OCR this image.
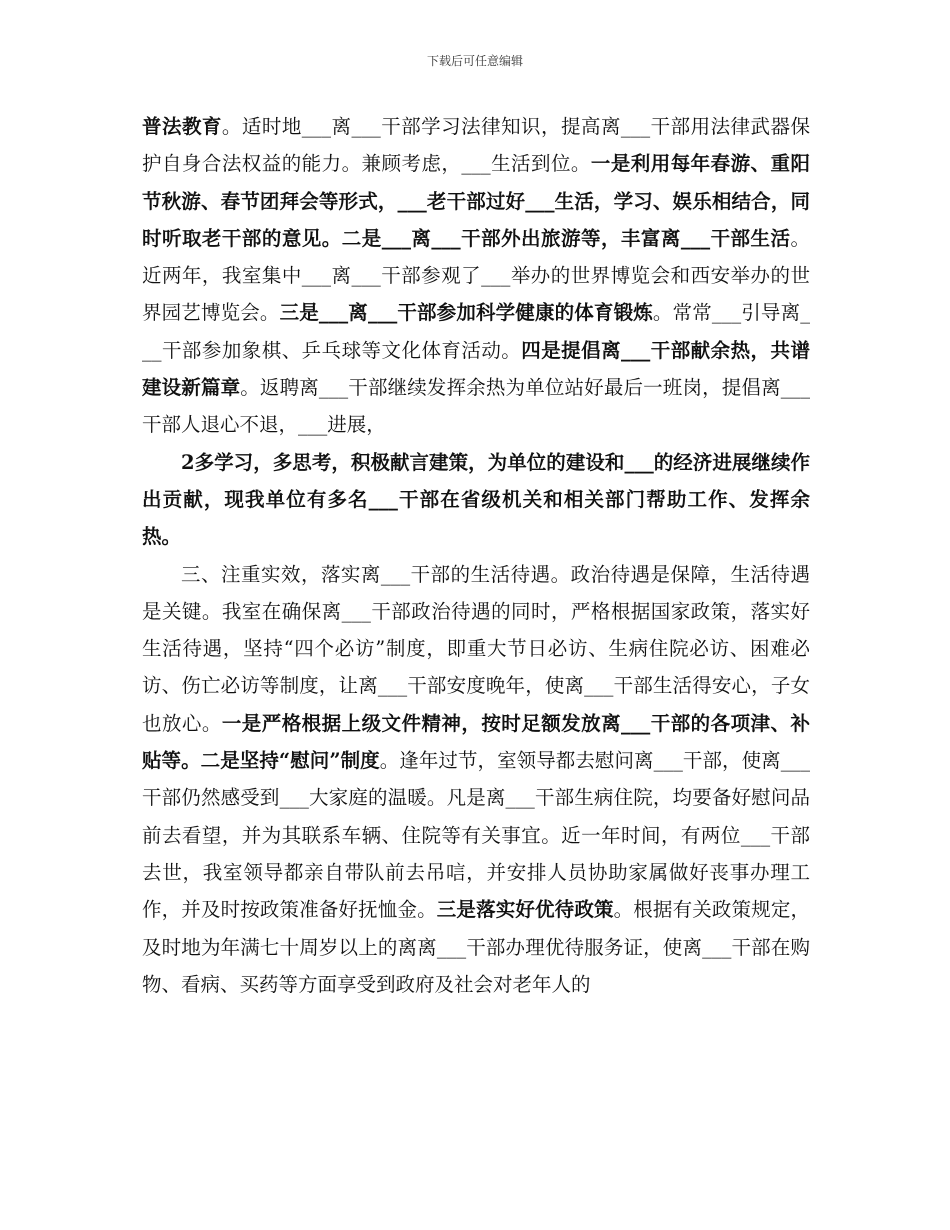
下载后可任意编辑

普法教育。适时地___离___干部学习法律知识，提高离___干部用法律武器保护自身合法权益的能力。兼顾考虑，___生活到位。一是利用每年春游、重阳节秋游、春节团拜会等形式，___老干部过好___生活，学习、娱乐相结合，同时听取老干部的意见。二是___离___干部外出旅游等，丰富离___干部生活。近两年，我室集中___离___干部参观了___举办的世界博览会和西安举办的世界园艺博览会。三是___离___干部参加科学健康的体育锻炼。常常___引导离___干部参加象棋、乒乓球等文化体育活动。四是提倡离___干部献余热，共谱建设新篇章。返聘离___干部继续发挥余热为单位站好最后一班岗，提倡离___干部人退心不退，___进展，

2多学习，多思考，积极献言建策，为单位的建设和___的经济进展继续作出贡献，现我单位有多名___干部在省级机关和相关部门帮助工作、发挥余热。

三、注重实效，落实离___干部的生活待遇。政治待遇是保障，生活待遇是关键。我室在确保离___干部政治待遇的同时，严格根据国家政策，落实好生活待遇，坚持“四个必访”制度，即重大节日必访、生病住院必访、困难必访、伤亡必访等制度，让离___干部安度晚年，使离___干部生活得安心，子女也放心。一是严格根据上级文件精神，按时足额发放离___干部的各项津、补贴等。二是坚持“慰问”制度。逢年过节，室领导都去慰问离___干部，使离___干部仍然感受到___大家庭的温暖。凡是离___干部生病住院，均要备好慰问品前去看望，并为其联系车辆、住院等有关事宜。近一年时间，有两位___干部去世，我室领导都亲自带队前去吊唁，并安排人员协助家属做好丧事办理工作，并及时按政策准备好抚恤金。三是落实好优待政策。根据有关政策规定，及时地为年满七十周岁以上的离离___干部办理优待服务证，使离___干部在购物、看病、买药等方面享受到政府及社会对老年人的
